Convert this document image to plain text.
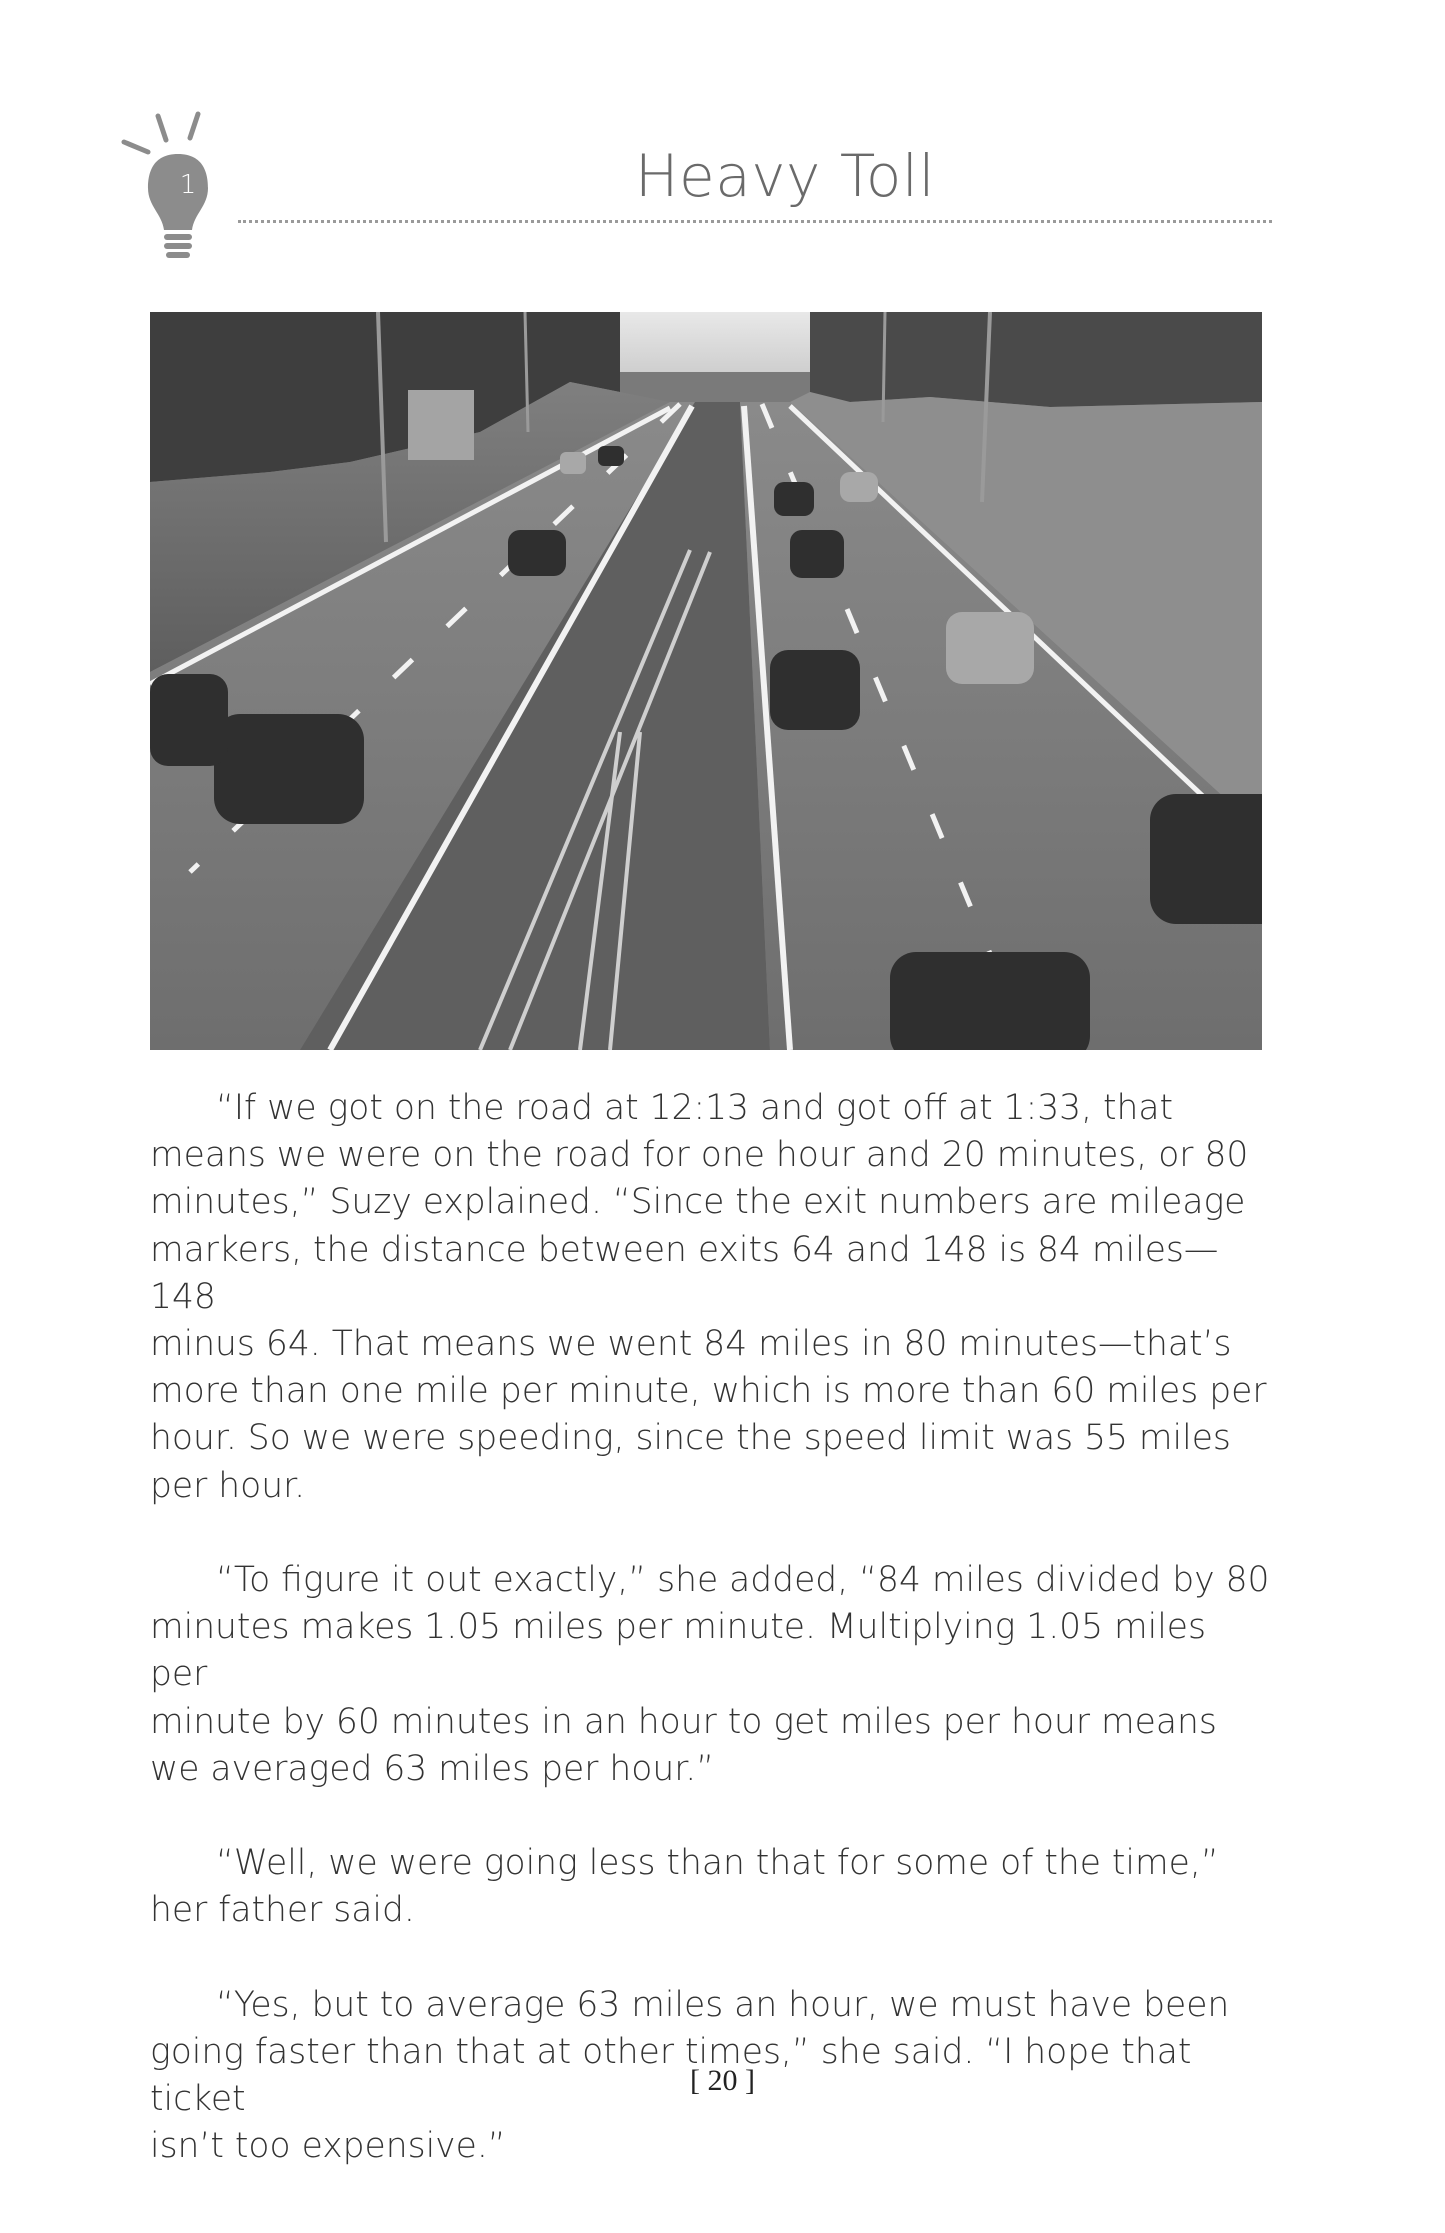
1	Heavy Toll
“If we got on the road at 12:13 and got off at 1:33, that
means we were on the road for one hour and 20 minutes, or 80
minutes,” Suzy explained. “Since the exit numbers are mileage
markers, the distance between exits 64 and 148 is 84 miles—148
minus 64. That means we went 84 miles in 80 minutes—that’s
more than one mile per minute, which is more than 60 miles per
hour. So we were speeding, since the speed limit was 55 miles
per hour.
“To figure it out exactly,” she added, “84 miles divided by 80
minutes makes 1.05 miles per minute. Multiplying 1.05 miles per
minute by 60 minutes in an hour to get miles per hour means
we averaged 63 miles per hour.”
“Well, we were going less than that for some of the time,”
her father said.
“Yes, but to average 63 miles an hour, we must have been
going faster than that at other times,” she said. “I hope that ticket
isn’t too expensive.”
[ 20 ]
